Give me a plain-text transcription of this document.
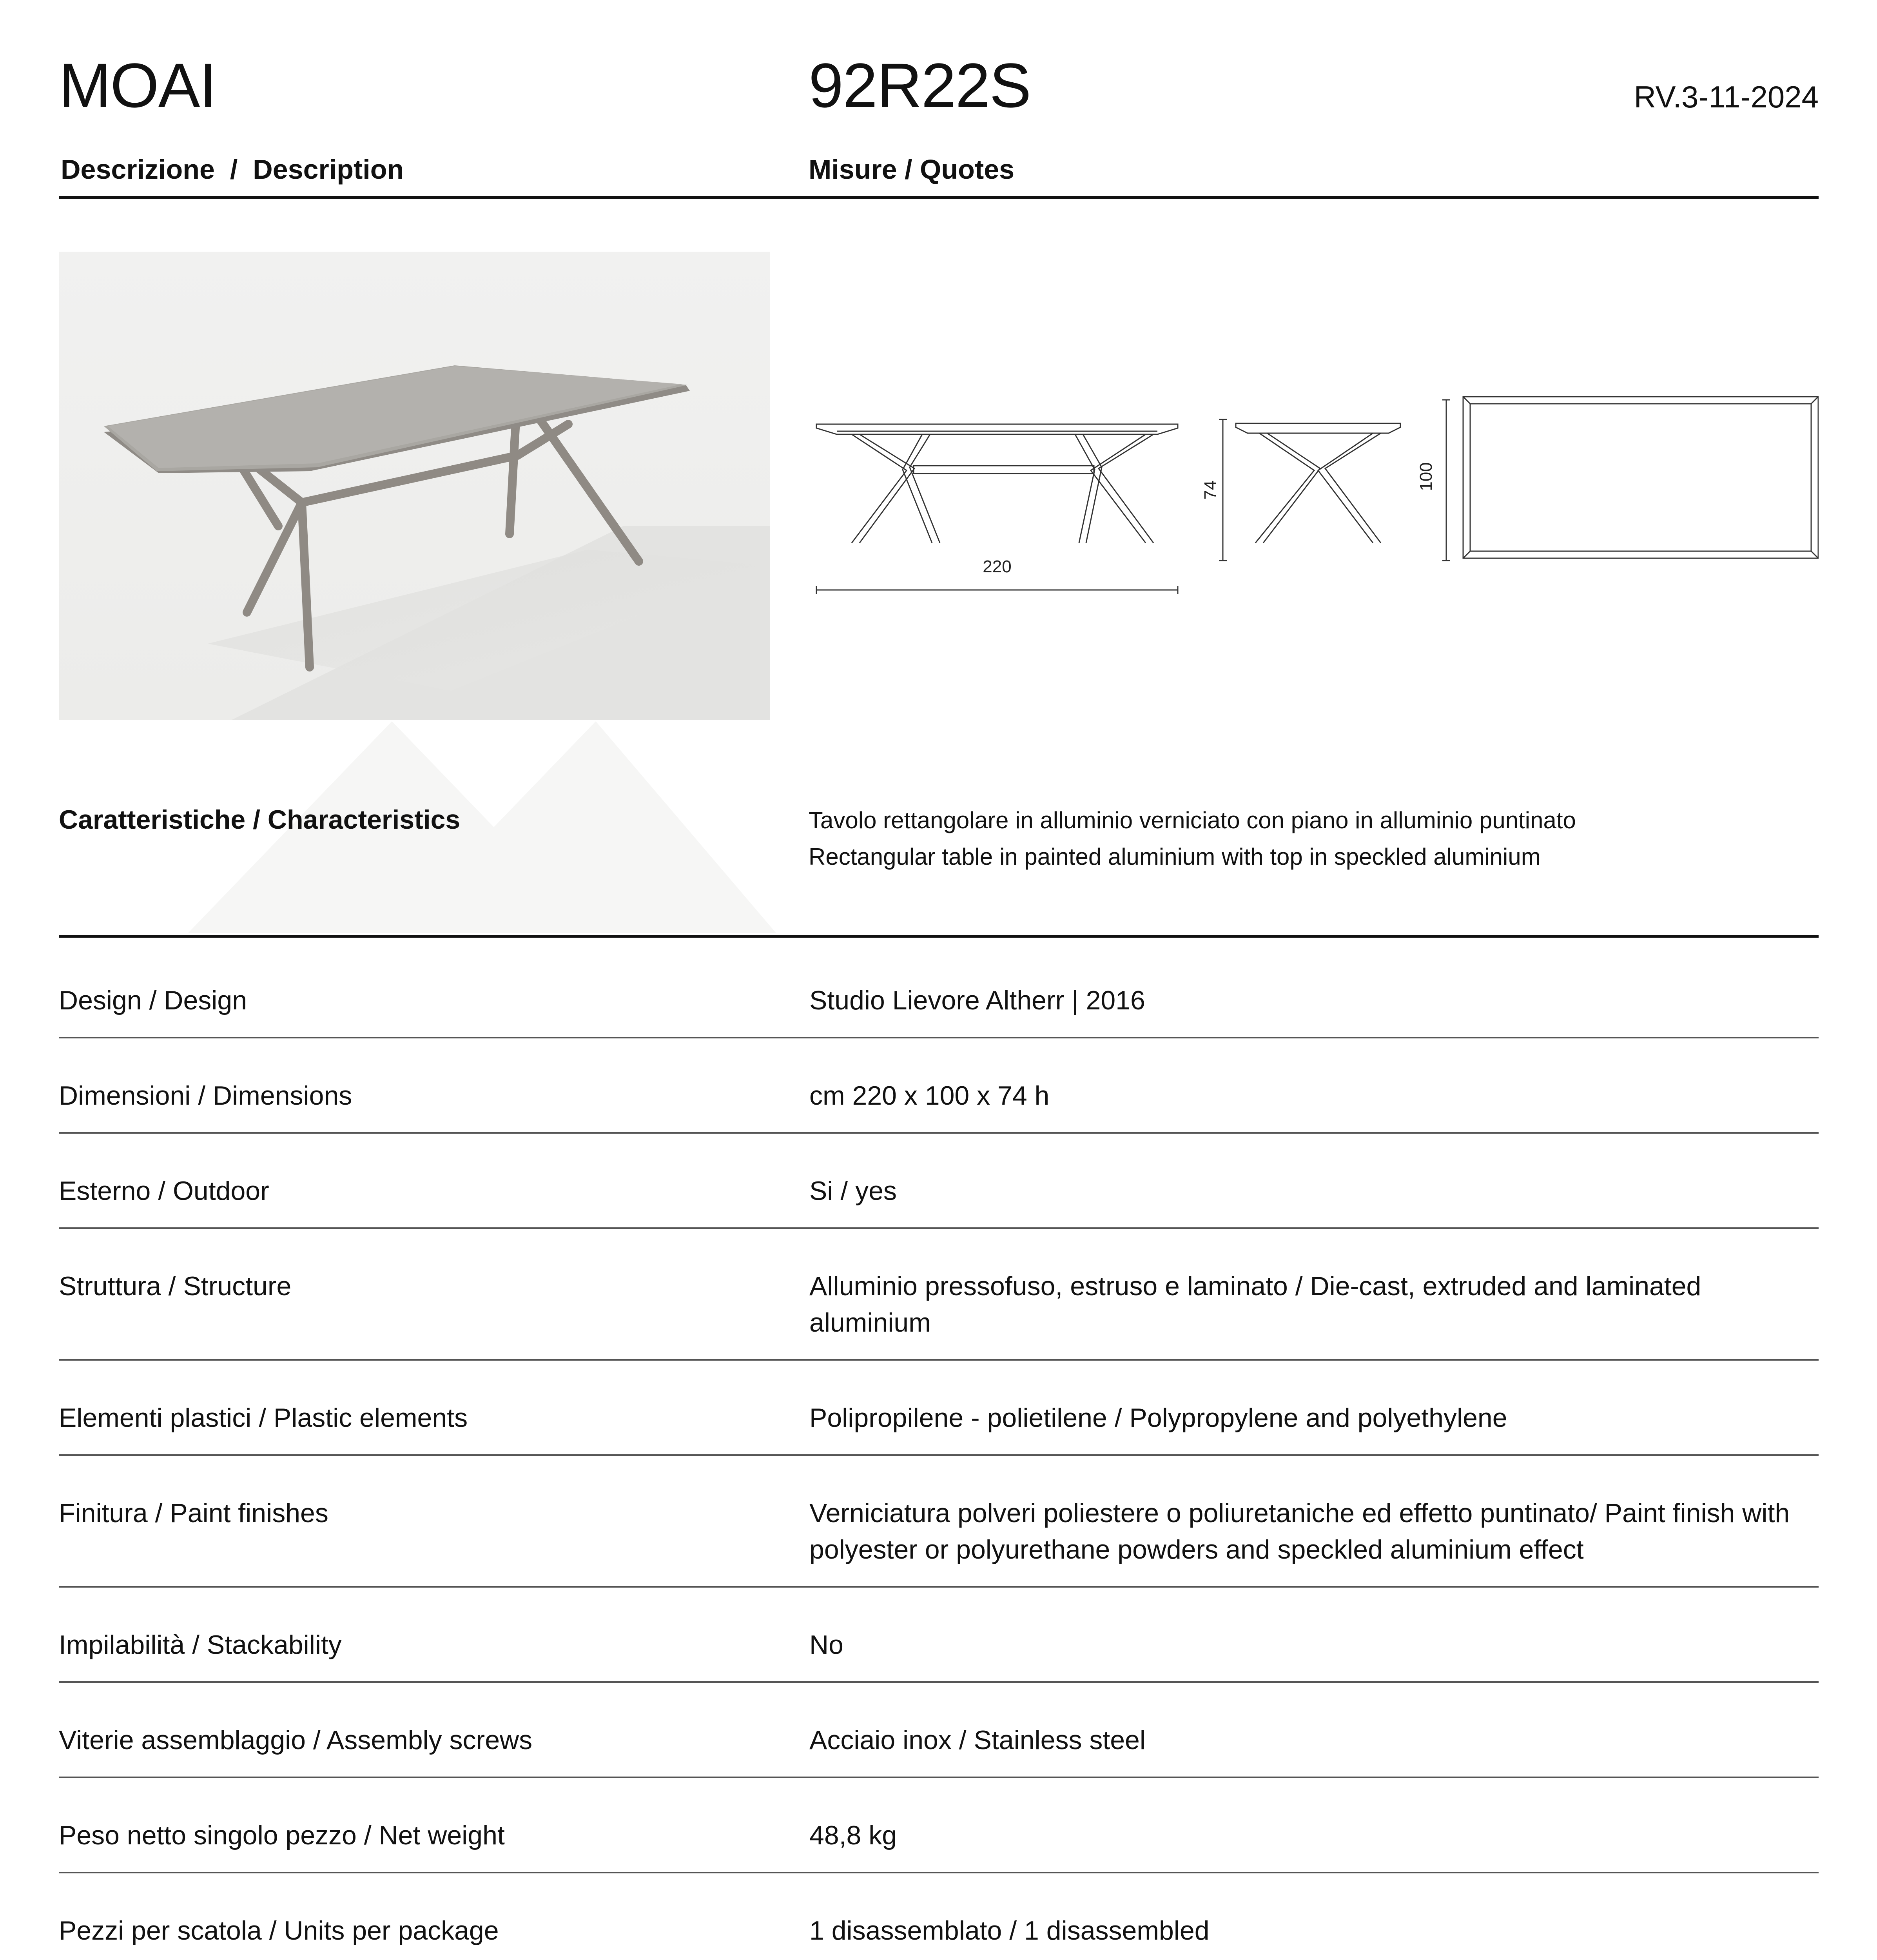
MOAI	92R22S	RV.3-11-2024
Descrizione  /  Description	Misure / Quotes
220
74	100
Caratteristiche / Characteristics	Tavolo rettangolare in alluminio verniciato con piano in alluminio puntinato
Rectangular table in painted aluminium with top in speckled aluminium
Design / Design	Studio Lievore Altherr | 2016
Dimensioni / Dimensions	cm 220 x 100 x 74 h
Esterno / Outdoor	Si / yes
Struttura / Structure	Alluminio pressofuso, estruso e laminato / Die-cast, extruded and laminated aluminium
Elementi plastici / Plastic elements	Polipropilene - polietilene / Polypropylene and polyethylene
Finitura / Paint finishes	Verniciatura polveri poliestere o poliuretaniche ed effetto puntinato/ Paint finish with polyester or polyurethane powders and speckled aluminium effect
Impilabilità / Stackability	No
Viterie assemblaggio / Assembly screws	Acciaio inox / Stainless steel
Peso netto singolo pezzo / Net weight	48,8 kg
Pezzi per scatola / Units per package	1 disassemblato / 1 disassembled
